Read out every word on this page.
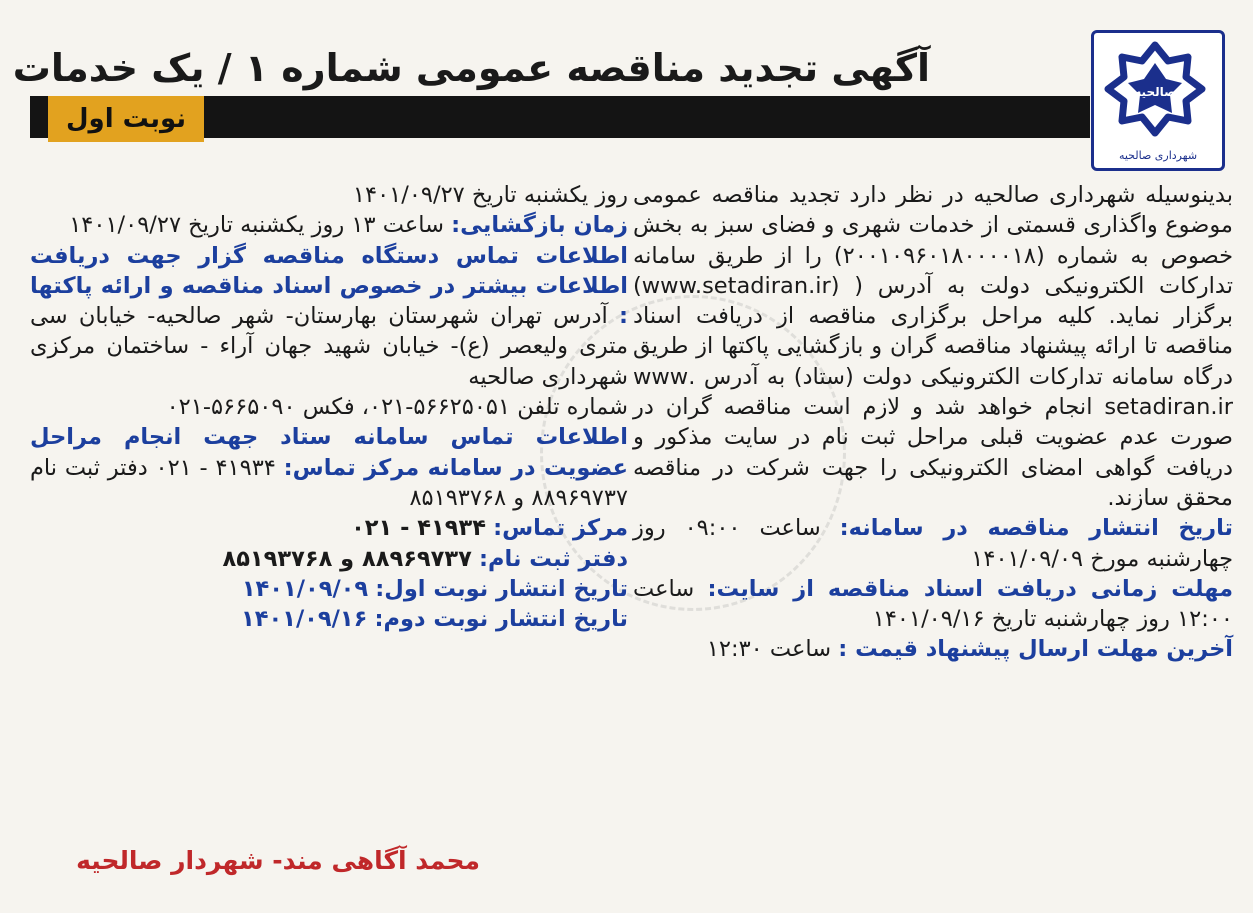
صالحیه
شهرداری صالحیه
آگهی تجدید مناقصه عمومی شماره ۱ / یک خدمات
نوبت اول

بدینوسیله شهرداری صالحیه در نظر دارد تجدید مناقصه عمومی موضوع واگذاری قسمتی از خدمات شهری و فضای سبز به بخش خصوص به شماره (۲۰۰۱۰۹۶۰۱۸۰۰۰۰۱۸) را از طریق سامانه تدارکات الکترونیکی دولت به آدرس ( (www.setadiran.ir) برگزار نماید. کلیه مراحل برگزاری مناقصه از دریافت اسناد مناقصه تا ارائه پیشنهاد مناقصه گران و بازگشایی پاکتها از طریق درگاه سامانه تدارکات الکترونیکی دولت (ستاد) به آدرس .www setadiran.ir انجام خواهد شد و لازم است مناقصه گران در صورت عدم عضویت قبلی مراحل ثبت نام در سایت مذکور و دریافت گواهی امضای الکترونیکی را جهت شرکت در مناقصه محقق سازند.

تاریخ انتشار مناقصه در سامانه: ساعت ۰۹:۰۰ روز چهارشنبه مورخ ۱۴۰۱/۰۹/۰۹

مهلت زمانی دریافت اسناد مناقصه از سایت: ساعت ۱۲:۰۰ روز چهارشنبه تاریخ ۱۴۰۱/۰۹/۱۶

آخرین مهلت ارسال پیشنهاد قیمت : ساعت ۱۲:۳۰

روز یکشنبه تاریخ ۱۴۰۱/۰۹/۲۷

زمان بازگشایی: ساعت ۱۳ روز یکشنبه تاریخ ۱۴۰۱/۰۹/۲۷

اطلاعات تماس دستگاه مناقصه گزار جهت دریافت اطلاعات بیشتر در خصوص اسناد مناقصه و ارائه پاکتها : آدرس تهران شهرستان بهارستان- شهر صالحیه- خیابان سی متری ولیعصر (ع)- خیابان شهید جهان آراء - ساختمان مرکزی شهرداری صالحیه

شماره تلفن ۵۶۶۲۵۰۵۱-۰۲۱، فکس ۵۶۶۵۰۹۰-۰۲۱

اطلاعات تماس سامانه ستاد جهت انجام مراحل عضویت در سامانه مرکز تماس: ۴۱۹۳۴ - ۰۲۱ دفتر ثبت نام ۸۸۹۶۹۷۳۷ و ۸۵۱۹۳۷۶۸

مرکز تماس: ۴۱۹۳۴ - ۰۲۱

دفتر ثبت نام: ۸۸۹۶۹۷۳۷ و ۸۵۱۹۳۷۶۸

تاریخ انتشار نوبت اول: ۱۴۰۱/۰۹/۰۹

تاریخ انتشار نوبت دوم: ۱۴۰۱/۰۹/۱۶

محمد آگاهی مند- شهردار صالحیه
